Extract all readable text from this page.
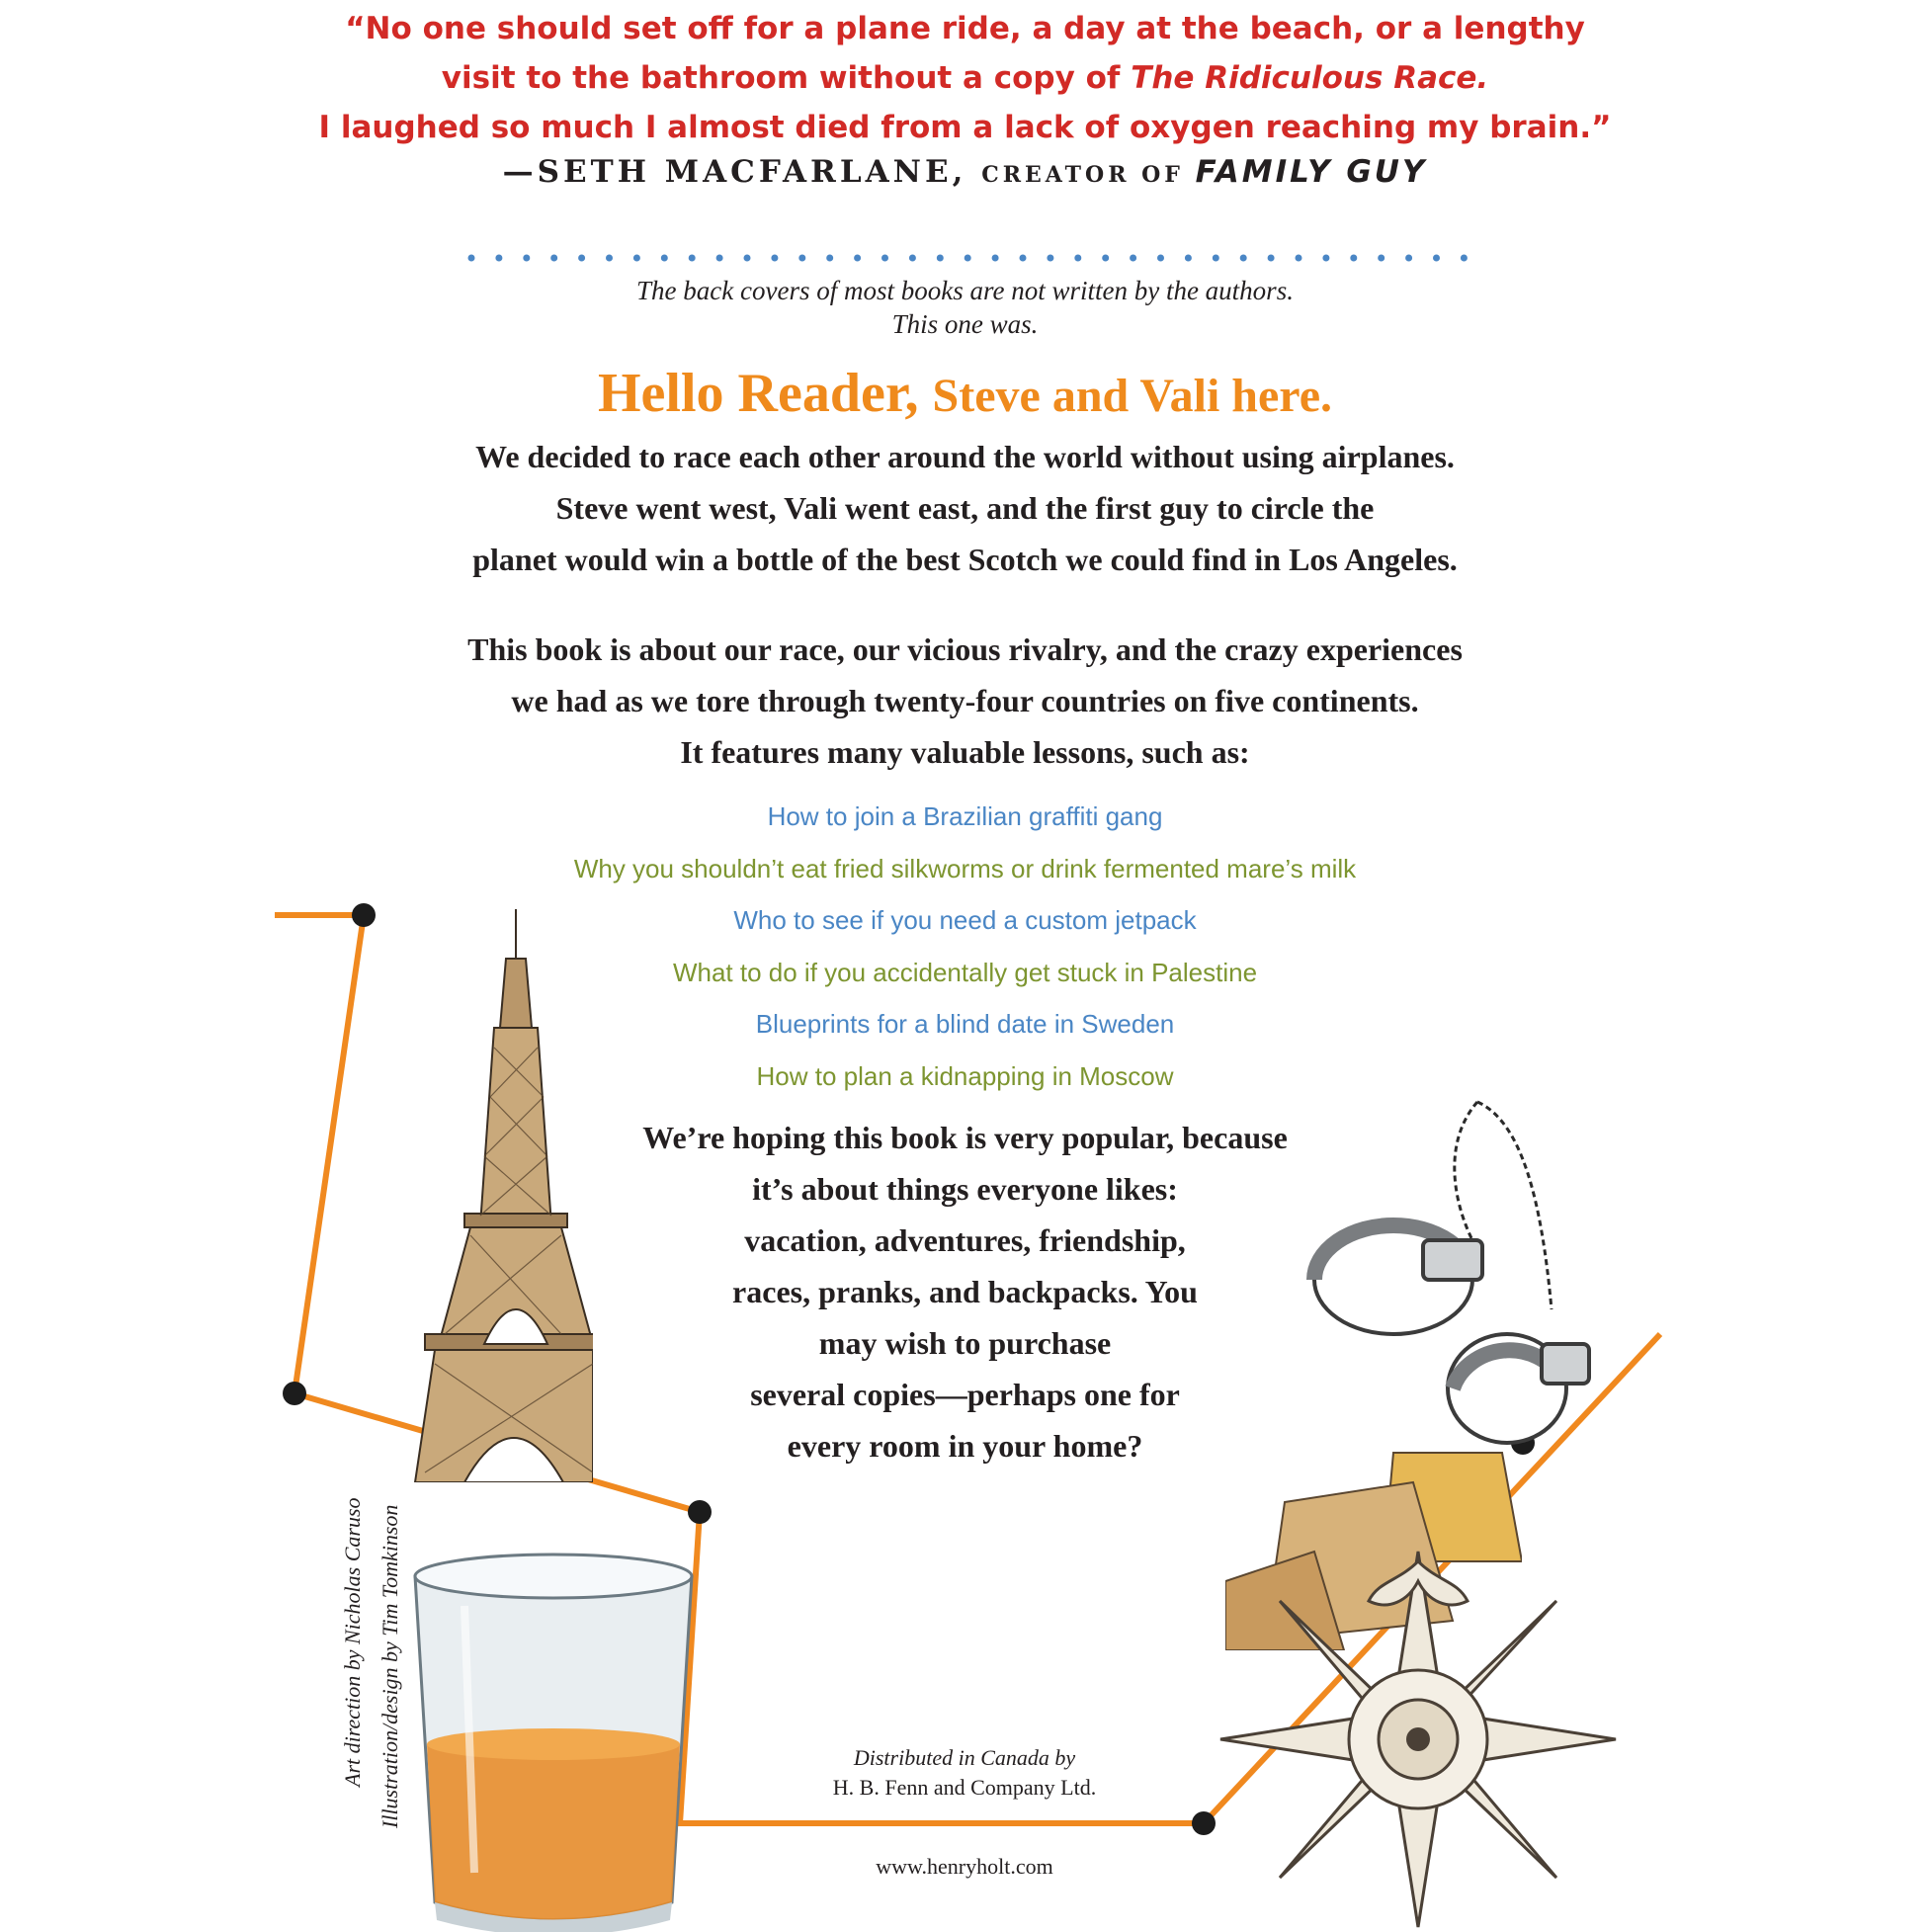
“No one should set off for a plane ride, a day at the beach, or a lengthy
visit to the bathroom without a copy of The Ridiculous Race.
I laughed so much I almost died from a lack of oxygen reaching my brain.”
—SETH MACFARLANE, CREATOR OF FAMILY GUY
The back covers of most books are not written by the authors.
This one was.
Hello Reader, Steve and Vali here.
We decided to race each other around the world without using airplanes.
Steve went west, Vali went east, and the first guy to circle the
planet would win a bottle of the best Scotch we could find in Los Angeles.
This book is about our race, our vicious rivalry, and the crazy experiences
we had as we tore through twenty-four countries on five continents.
It features many valuable lessons, such as:
How to join a Brazilian graffiti gang
Why you shouldn’t eat fried silkworms or drink fermented mare’s milk
Who to see if you need a custom jetpack
What to do if you accidentally get stuck in Palestine
Blueprints for a blind date in Sweden
How to plan a kidnapping in Moscow
We’re hoping this book is very popular, because
it’s about things everyone likes:
vacation, adventures, friendship,
races, pranks, and backpacks. You
may wish to purchase
several copies—perhaps one for
every room in your home?
Art direction by Nicholas Caruso Illustration/design by Tim Tomkinson	Distributed in Canada by
H. B. Fenn and Company Ltd.
www.henryholt.com
